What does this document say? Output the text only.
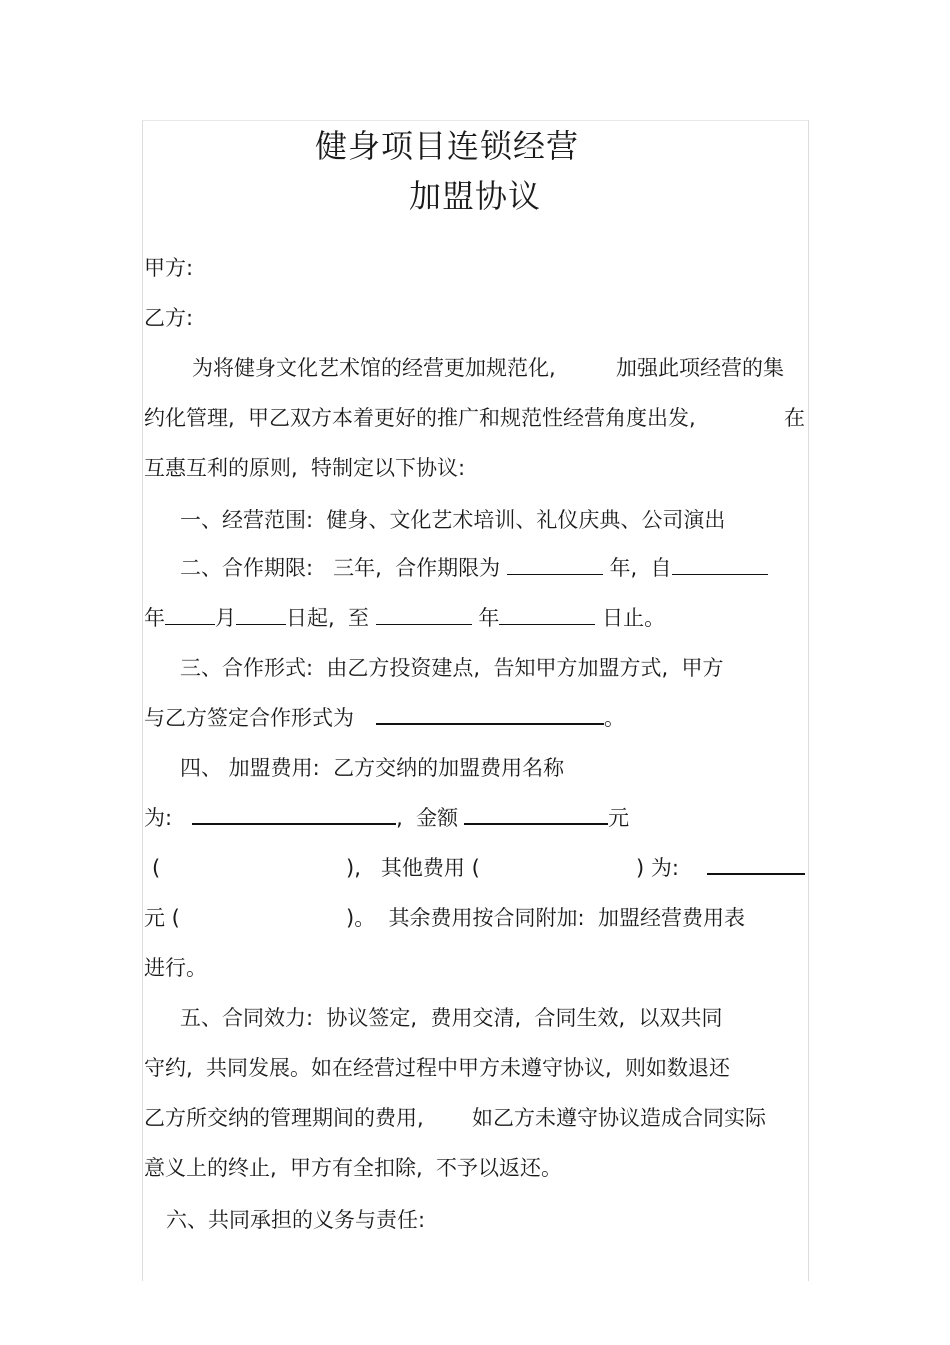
健身项目连锁经营
加盟协议
甲方:
乙方:
为将健身文化艺术馆的经营更加规范化,	加强此项经营的集
约化管理,  甲乙双方本着更好的推广和规范性经营角度出发,	在
互惠互利的原则,  特制定以下协议:
一、经营范围:  健身、文化艺术培训、礼仪庆典、公司演出
二、合作期限:   三年,  合作期限为	年,  自
年 月 日起,  至	年	日止。
三、合作形式:  由乙方投资建点,  告知甲方加盟方式,  甲方
与乙方签定合作形式为	。
四、 加盟费用:  乙方交纳的加盟费用名称
为:	,  金额	元
(	),   其他费用 (	) 为:
元 (	)。  其余费用按合同附加:  加盟经营费用表
进行。
五、合同效力:  协议签定,  费用交清,  合同生效,  以双共同
守约,  共同发展。如在经营过程中甲方未遵守协议,  则如数退还
乙方所交纳的管理期间的费用, 如乙方未遵守协议造成合同实际
意义上的终止,  甲方有全扣除,  不予以返还。
六、共同承担的义务与责任:
